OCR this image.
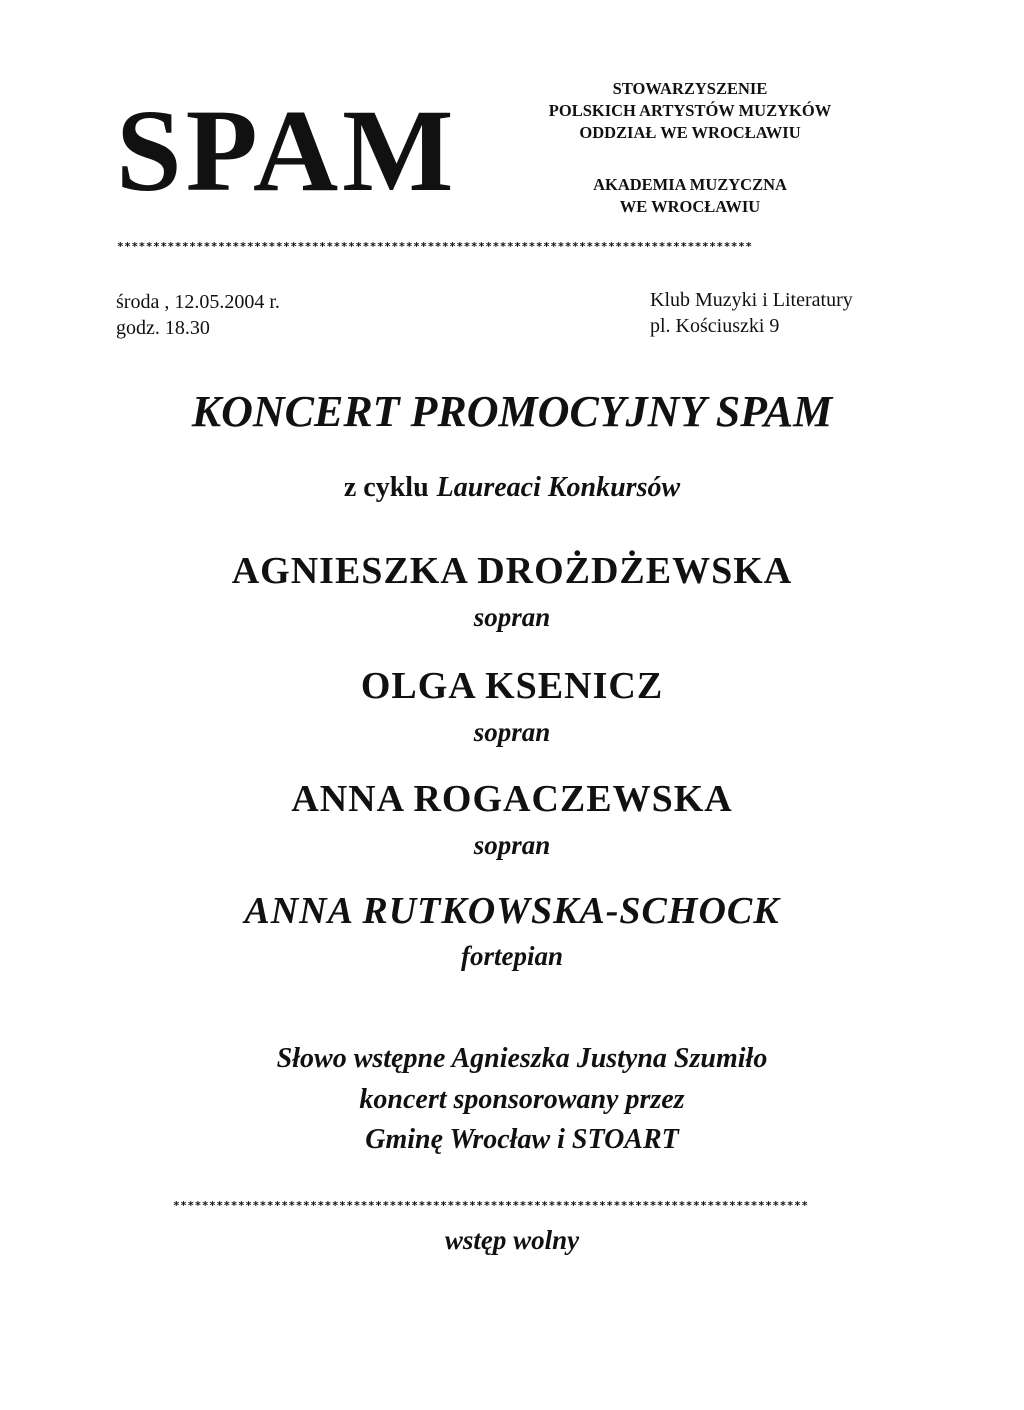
SPAM	STOWARZYSZENIE
POLSKICH ARTYSTÓW MUZYKÓW
ODDZIAŁ WE WROCŁAWIU
AKADEMIA MUZYCZNA
WE WROCŁAWIU
****************************************************************************************
środa , 12.05.2004 r.
godz. 18.30
Klub Muzyki i Literatury
pl. Kościuszki 9
KONCERT PROMOCYJNY SPAM
z cyklu Laureaci Konkursów
AGNIESZKA DROŻDŻEWSKA
sopran
OLGA KSENICZ
sopran
ANNA ROGACZEWSKA
sopran
ANNA RUTKOWSKA-SCHOCK
fortepian
Słowo wstępne Agnieszka Justyna Szumiło
koncert sponsorowany przez
Gminę Wrocław i STOART
****************************************************************************************
wstęp wolny
